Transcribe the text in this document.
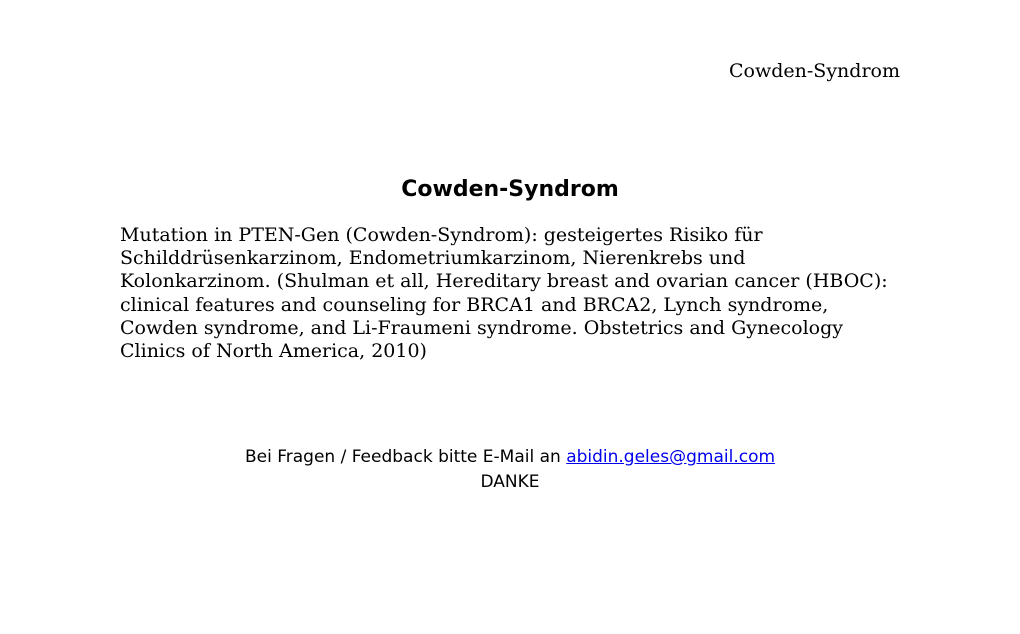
Cowden-Syndrom
Cowden-Syndrom

Mutation in PTEN-Gen (Cowden-Syndrom): gesteigertes Risiko für Schilddrüsenkarzinom, Endometriumkarzinom, Nierenkrebs und Kolonkarzinom. (Shulman et all, Hereditary breast and ovarian cancer (HBOC): clinical features and counseling for BRCA1 and BRCA2, Lynch syndrome, Cowden syndrome, and Li-Fraumeni syndrome. Obstetrics and Gynecology Clinics of North America, 2010)

Bei Fragen / Feedback bitte E-Mail an abidin.geles@gmail.com
DANKE
